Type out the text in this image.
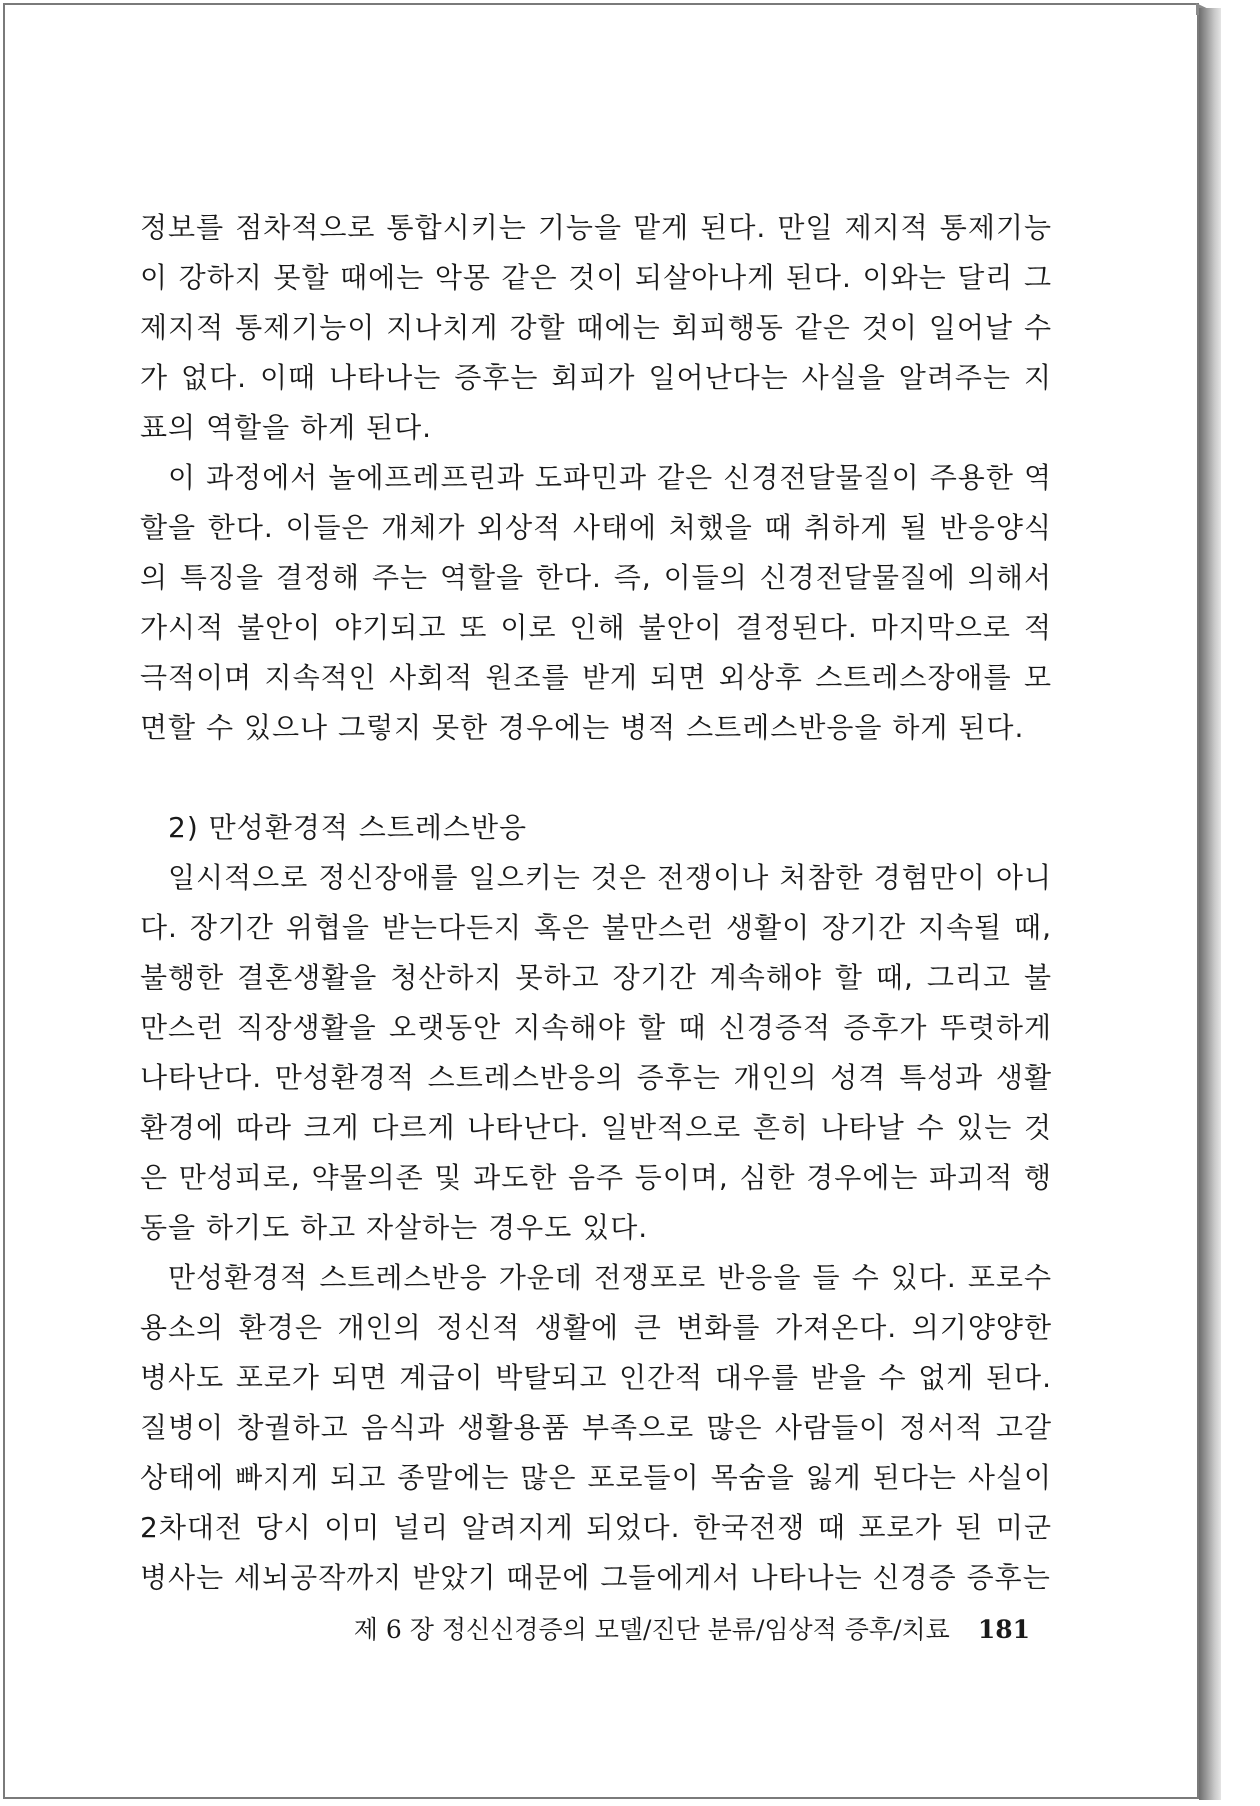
정보를 점차적으로 통합시키는 기능을 맡게 된다. 만일 제지적 통제기능이 강하지 못할 때에는 악몽 같은 것이 되살아나게 된다. 이와는 달리 그 제지적 통제기능이 지나치게 강할 때에는 회피행동 같은 것이 일어날 수가 없다. 이때 나타나는 증후는 회피가 일어난다는 사실을 알려주는 지표의 역할을 하게 된다.

이 과정에서 놀에프레프린과 도파민과 같은 신경전달물질이 주용한 역할을 한다. 이들은 개체가 외상적 사태에 처했을 때 취하게 될 반응양식의 특징을 결정해 주는 역할을 한다. 즉, 이들의 신경전달물질에 의해서 가시적 불안이 야기되고 또 이로 인해 불안이 결정된다. 마지막으로 적극적이며 지속적인 사회적 원조를 받게 되면 외상후 스트레스장애를 모면할 수 있으나 그렇지 못한 경우에는 병적 스트레스반응을 하게 된다.

2) 만성환경적 스트레스반응

일시적으로 정신장애를 일으키는 것은 전쟁이나 처참한 경험만이 아니다. 장기간 위협을 받는다든지 혹은 불만스런 생활이 장기간 지속될 때, 불행한 결혼생활을 청산하지 못하고 장기간 계속해야 할 때, 그리고 불만스런 직장생활을 오랫동안 지속해야 할 때 신경증적 증후가 뚜렷하게 나타난다. 만성환경적 스트레스반응의 증후는 개인의 성격 특성과 생활환경에 따라 크게 다르게 나타난다. 일반적으로 흔히 나타날 수 있는 것은 만성피로, 약물의존 및 과도한 음주 등이며, 심한 경우에는 파괴적 행동을 하기도 하고 자살하는 경우도 있다.

만성환경적 스트레스반응 가운데 전쟁포로 반응을 들 수 있다. 포로수용소의 환경은 개인의 정신적 생활에 큰 변화를 가져온다. 의기양양한 병사도 포로가 되면 계급이 박탈되고 인간적 대우를 받을 수 없게 된다. 질병이 창궐하고 음식과 생활용품 부족으로 많은 사람들이 정서적 고갈상태에 빠지게 되고 종말에는 많은 포로들이 목숨을 잃게 된다는 사실이 2차대전 당시 이미 널리 알려지게 되었다. 한국전쟁 때 포로가 된 미군병사는 세뇌공작까지 받았기 때문에 그들에게서 나타나는 신경증 증후는

제 6 장 정신신경증의 모델/진단 분류/임상적 증후/치료 181
